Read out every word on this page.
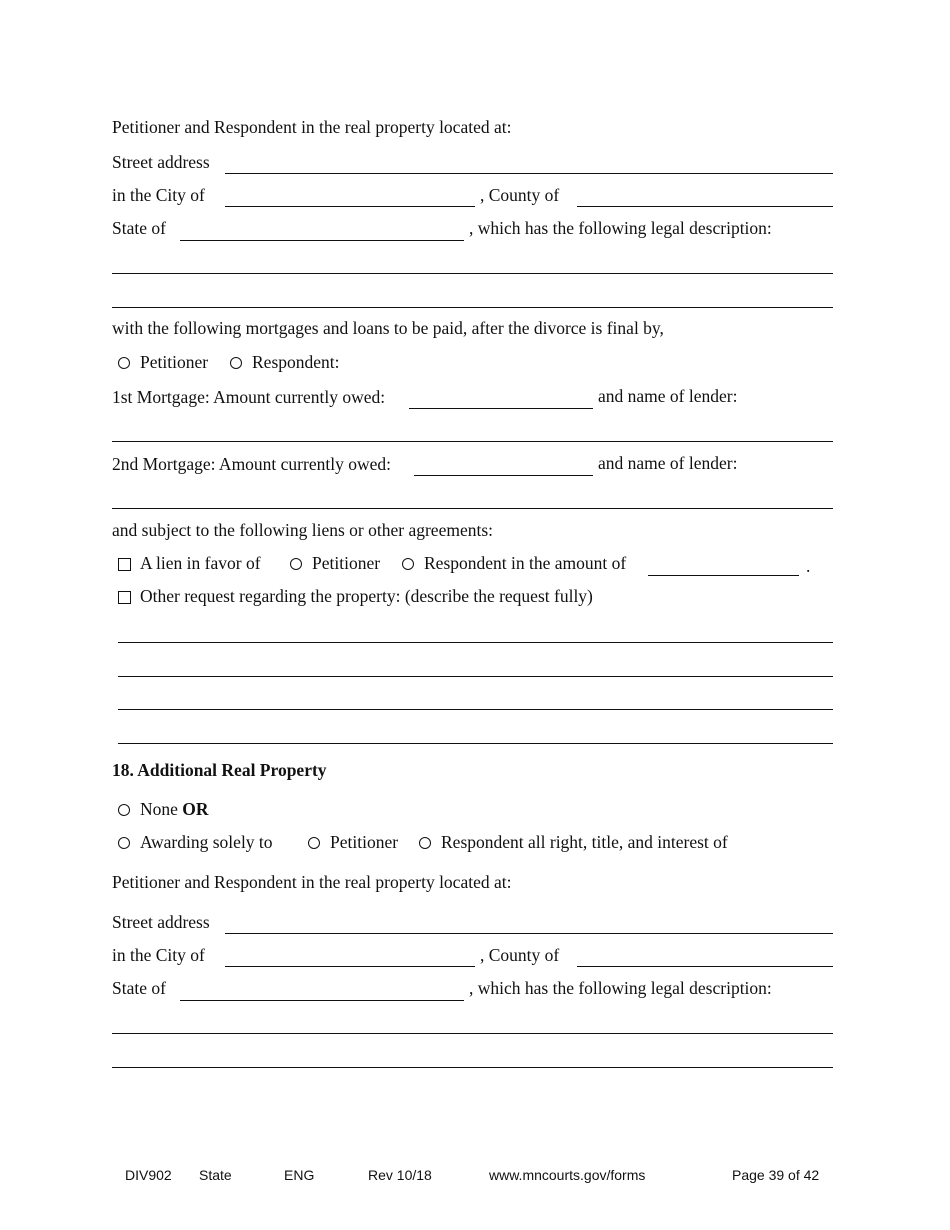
Petitioner and Respondent in the real property located at:
Street address
in the City of	, County of
State of	, which has the following legal description:
with the following mortgages and loans to be paid, after the divorce is final by,
Petitioner	Respondent:
1st Mortgage: Amount currently owed:	and name of lender:
2nd Mortgage: Amount currently owed:	and name of lender:
and subject to the following liens or other agreements:
A lien in favor of	Petitioner	Respondent in the amount of	.
Other request regarding the property: (describe the request fully)
18. Additional Real Property
None OR
Awarding solely to	Petitioner Respondent all right, title, and interest of
Petitioner and Respondent in the real property located at:
Street address
in the City of	, County of
State of	, which has the following legal description:
DIV902 State	ENG	Rev 10/18	www.mncourts.gov/forms	Page 39 of 42
